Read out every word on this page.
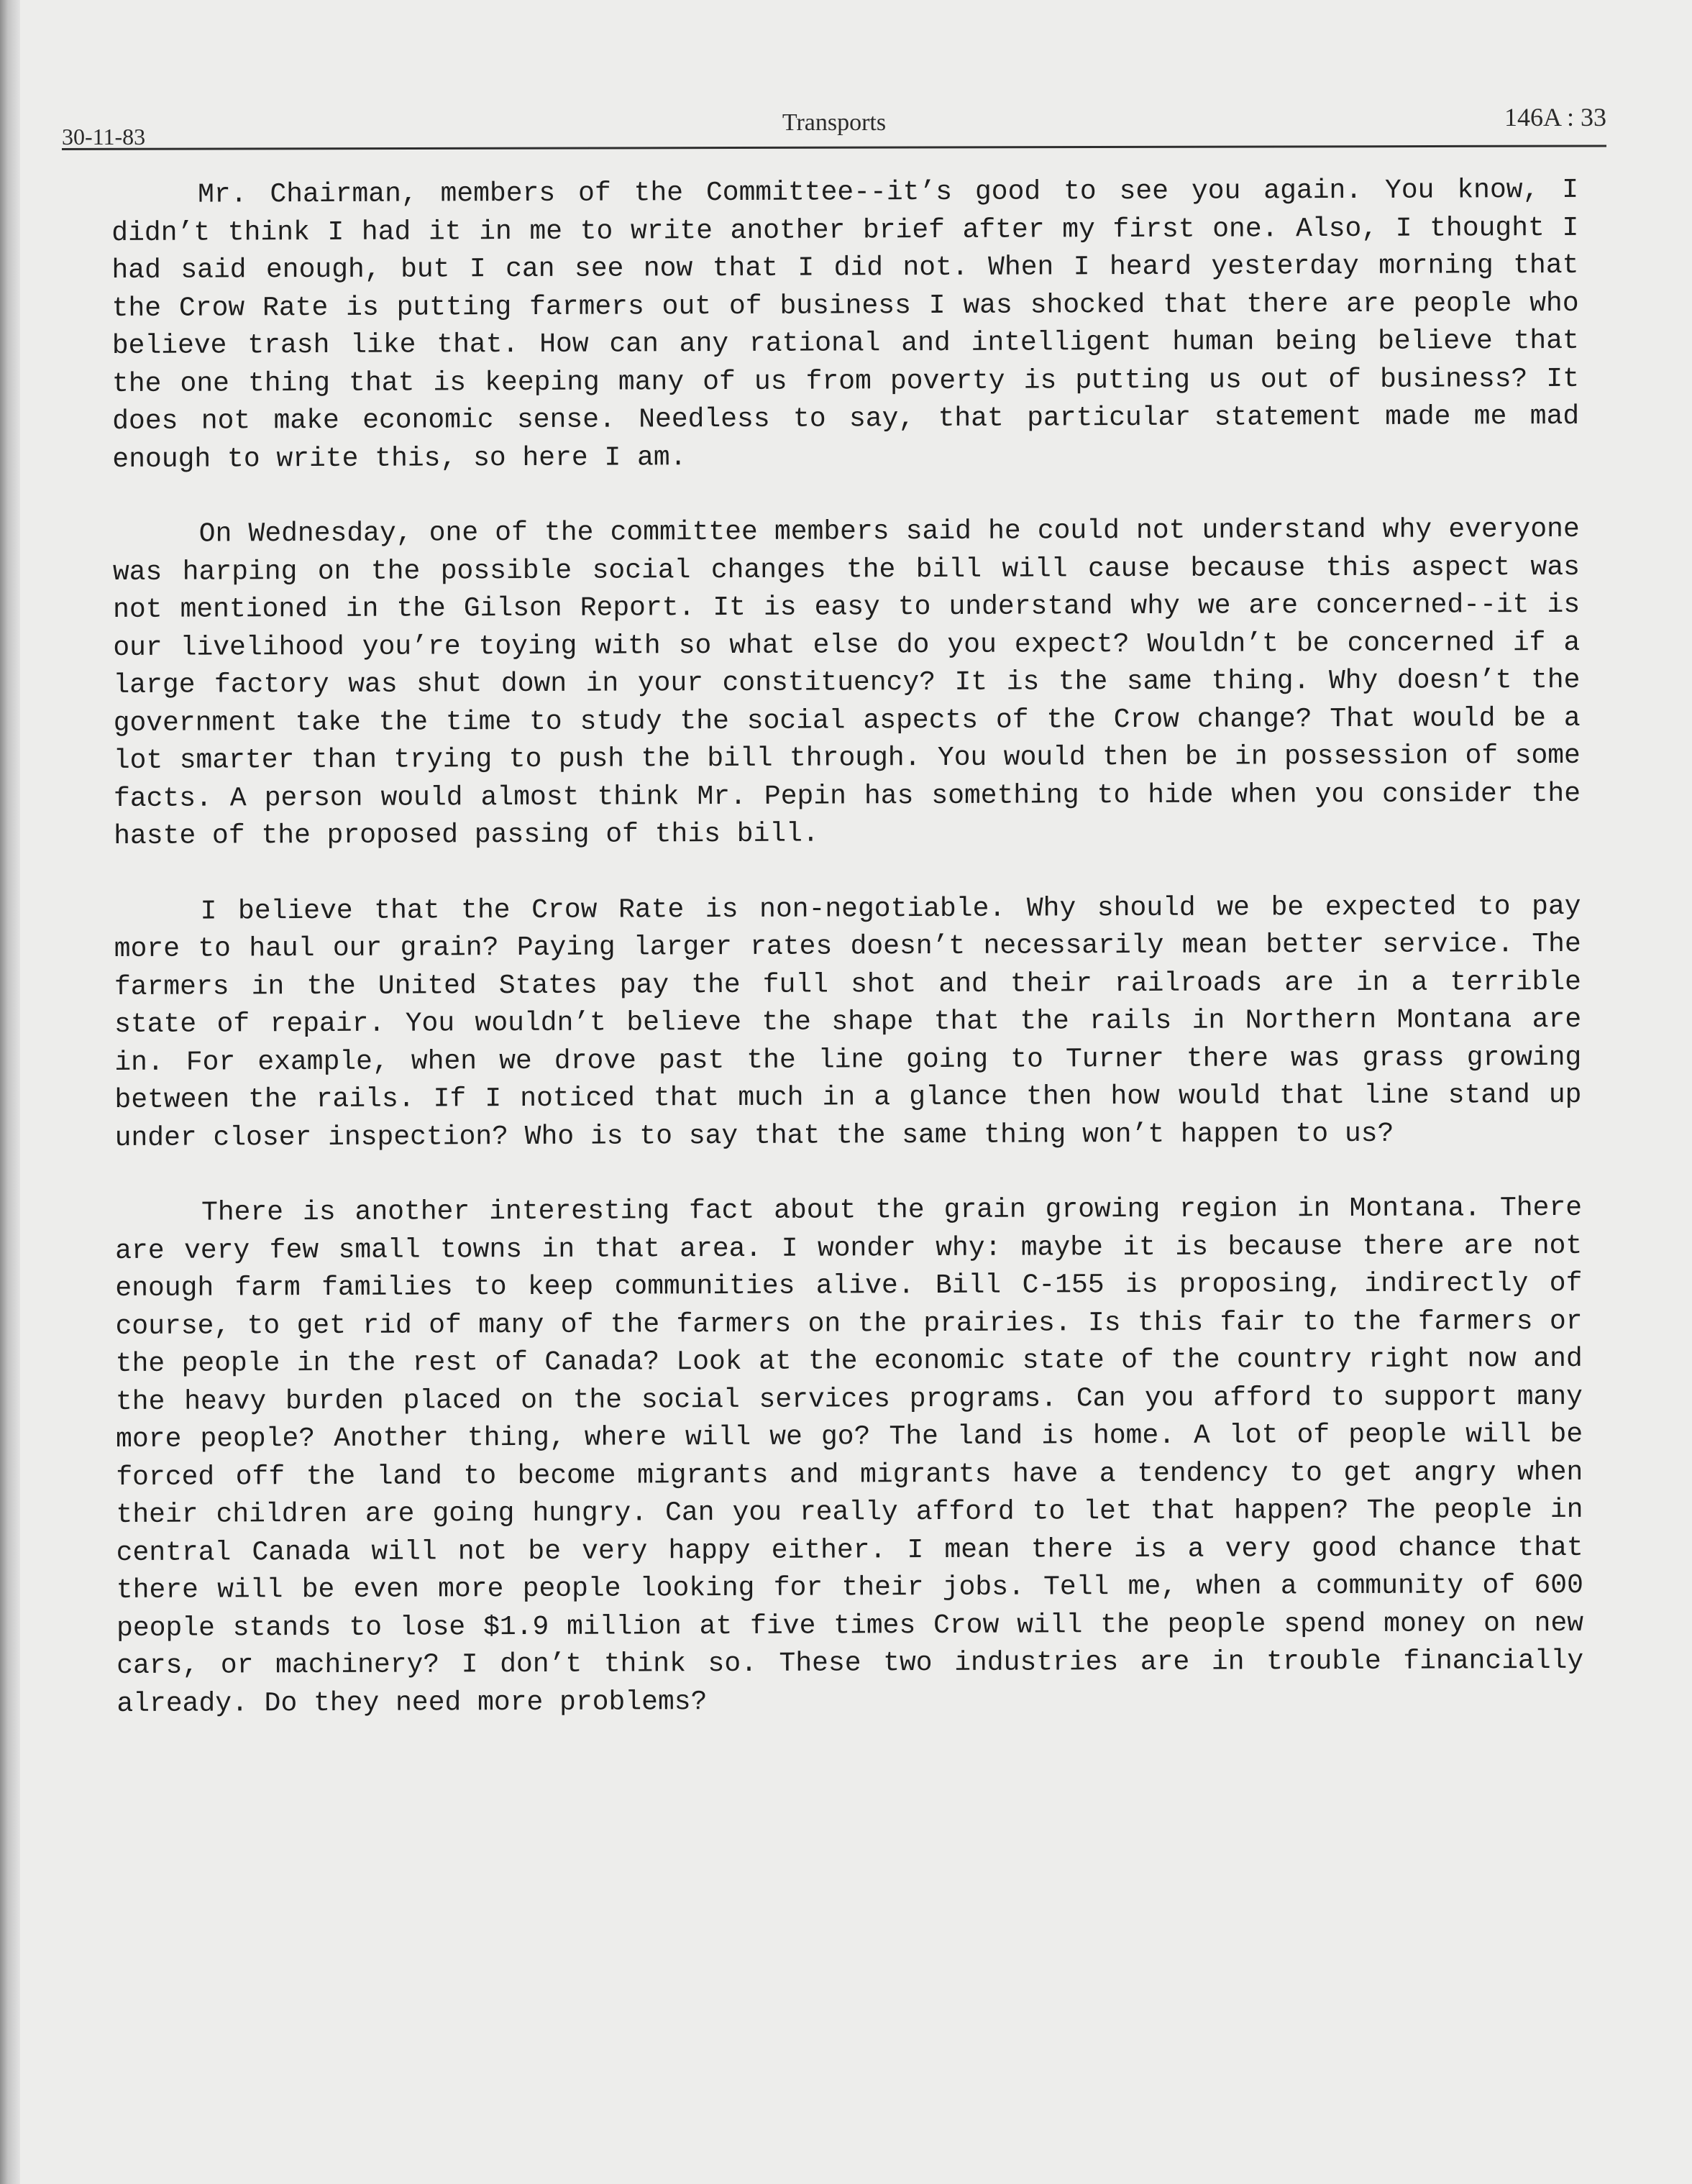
30-11-83
Transports	146A : 33

Mr. Chairman, members of the Committee--it’s good to see you again. You know, I didn’t think I had it in me to write another brief after my first one. Also, I thought I had said enough, but I can see now that I did not. When I heard yesterday morning that the Crow Rate is putting farmers out of business I was shocked that there are people who believe trash like that. How can any rational and intelligent human being believe that the one thing that is keeping many of us from poverty is putting us out of business? It does not make economic sense. Needless to say, that particular statement made me mad enough to write this, so here I am.

On Wednesday, one of the committee members said he could not understand why everyone was harping on the possible social changes the bill will cause because this aspect was not mentioned in the Gilson Report. It is easy to understand why we are concerned--it is our livelihood you’re toying with so what else do you expect? Wouldn’t be concerned if a large factory was shut down in your constituency? It is the same thing. Why doesn’t the government take the time to study the social aspects of the Crow change? That would be a lot smarter than trying to push the bill through. You would then be in possession of some facts. A person would almost think Mr. Pepin has something to hide when you consider the haste of the proposed passing of this bill.

I believe that the Crow Rate is non-negotiable. Why should we be expected to pay more to haul our grain? Paying larger rates doesn’t necessarily mean better service. The farmers in the United States pay the full shot and their railroads are in a terrible state of repair. You wouldn’t believe the shape that the rails in Northern Montana are in. For example, when we drove past the line going to Turner there was grass growing between the rails. If I noticed that much in a glance then how would that line stand up under closer inspection? Who is to say that the same thing won’t happen to us?

There is another interesting fact about the grain growing region in Montana. There are very few small towns in that area. I wonder why: maybe it is because there are not enough farm families to keep communities alive. Bill C-155 is proposing, indirectly of course, to get rid of many of the farmers on the prairies. Is this fair to the farmers or the people in the rest of Canada? Look at the economic state of the country right now and the heavy burden placed on the social services programs. Can you afford to support many more people? Another thing, where will we go? The land is home. A lot of people will be forced off the land to become migrants and migrants have a tendency to get angry when their children are going hungry. Can you really afford to let that happen? The people in central Canada will not be very happy either. I mean there is a very good chance that there will be even more people looking for their jobs. Tell me, when a community of 600 people stands to lose $1.9 million at five times Crow will the people spend money on new cars, or machinery? I don’t think so. These two industries are in trouble financially already. Do they need more problems?
